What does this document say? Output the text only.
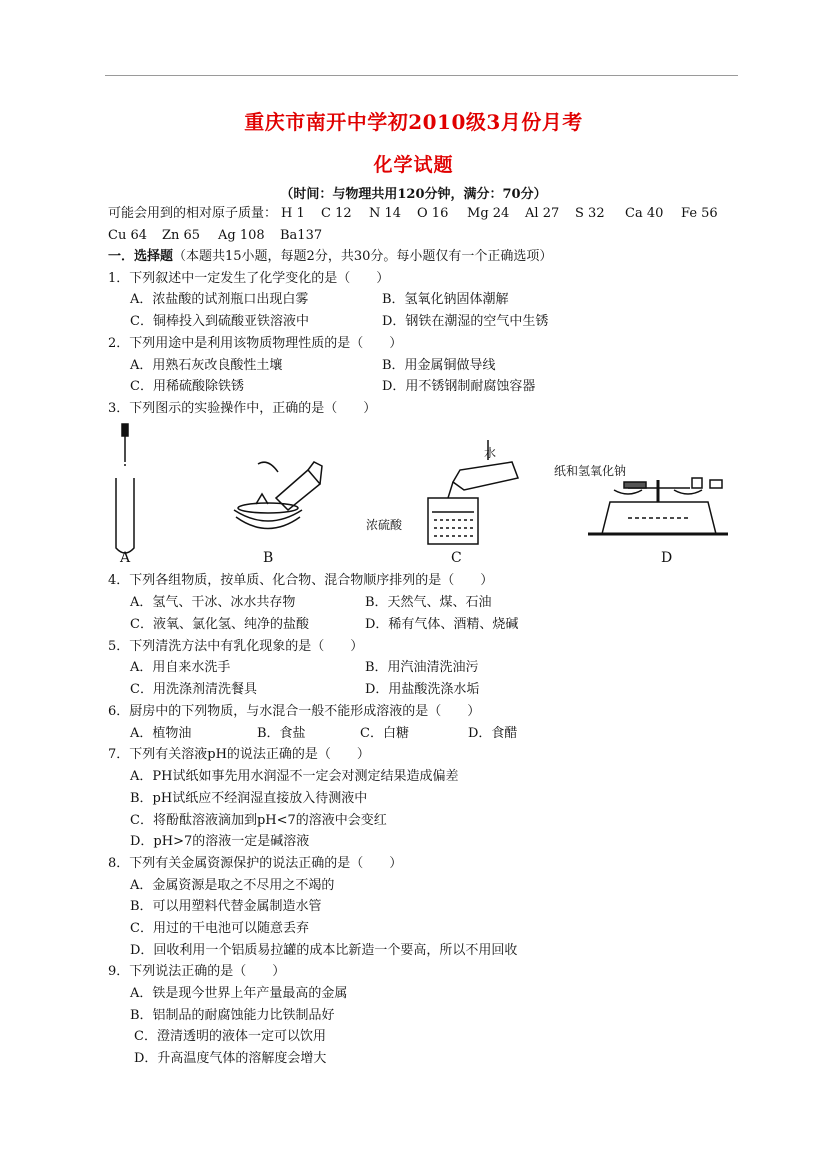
重庆市南开中学初2010级3月份月考
化学试题
（时间：与物理共用120分钟，满分：70分）
可能会用到的相对原子质量： H 1 C 12 N 14 O 16 Mg 24 Al 27 S 32 Ca 40 Fe 56
Cu 64 Zn 65 Ag 108 Ba137
一．选择题（本题共15小题，每题2分，共30分。每小题仅有一个正确选项）
1．下列叙述中一定发生了化学变化的是（　　）
A．浓盐酸的试剂瓶口出现白雾	B．氢氧化钠固体潮解
C．铜棒投入到硫酸亚铁溶液中	D．钢铁在潮湿的空气中生锈
2．下列用途中是利用该物质物理性质的是（　　）
A．用熟石灰改良酸性土壤	B．用金属铜做导线
C．用稀硫酸除铁锈	D．用不锈钢制耐腐蚀容器
3．下列图示的实验操作中，正确的是（　　）
A	B	C	D
水
浓硫酸
纸和氢氧化钠
4．下列各组物质，按单质、化合物、混合物顺序排列的是（　　）
A．氢气、干冰、冰水共存物	B．天然气、煤、石油
C．液氧、氯化氢、纯净的盐酸	D．稀有气体、酒精、烧碱
5．下列清洗方法中有乳化现象的是（　　）
A．用自来水洗手	B．用汽油清洗油污
C．用洗涤剂清洗餐具	D．用盐酸洗涤水垢
6．厨房中的下列物质，与水混合一般不能形成溶液的是（　　）
A．植物油	B．食盐	C．白糖	D．食醋
7．下列有关溶液pH的说法正确的是（　　）
A．PH试纸如事先用水润湿不一定会对测定结果造成偏差
B．pH试纸应不经润湿直接放入待测液中
C．将酚酞溶液滴加到pH<7的溶液中会变红
D．pH>7的溶液一定是碱溶液
8．下列有关金属资源保护的说法正确的是（　　）
A．金属资源是取之不尽用之不竭的
B．可以用塑料代替金属制造水管
C．用过的干电池可以随意丢弃
D．回收利用一个铝质易拉罐的成本比新造一个要高，所以不用回收
9．下列说法正确的是（　　）
A．铁是现今世界上年产量最高的金属
B．铝制品的耐腐蚀能力比铁制品好
C．澄清透明的液体一定可以饮用
D．升高温度气体的溶解度会增大
